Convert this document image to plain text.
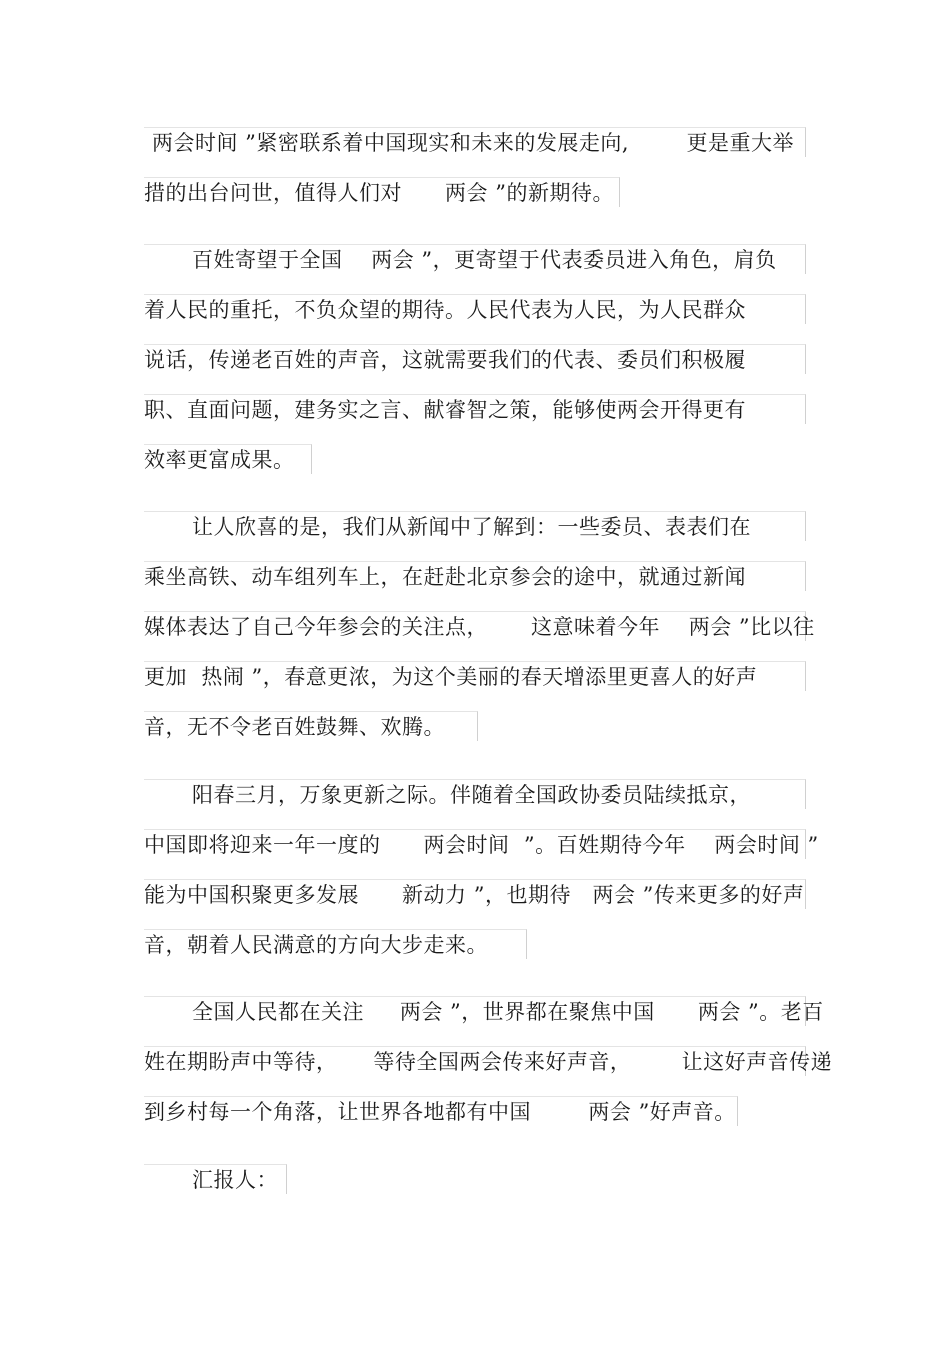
两会时间 ”紧密联系着中国现实和未来的发展走向,        更是重大举
措的出台问世，值得人们对      两会 ”的新期待。
百姓寄望于全国    两会 ”，更寄望于代表委员进入角色，肩负
着人民的重托，不负众望的期待。人民代表为人民，为人民群众
说话，传递老百姓的声音，这就需要我们的代表、委员们积极履
职、直面问题，建务实之言、献睿智之策，能够使两会开得更有
效率更富成果。
让人欣喜的是，我们从新闻中了解到：一些委员、表表们在
乘坐高铁、动车组列车上，在赶赴北京参会的途中，就通过新闻
媒体表达了自己今年参会的关注点，      这意味着今年    两会 ”比以往
更加  热闹 ”，春意更浓，为这个美丽的春天增添里更喜人的好声
音，无不令老百姓鼓舞、欢腾。
阳春三月，万象更新之际。伴随着全国政协委员陆续抵京，
中国即将迎来一年一度的      两会时间  ”。百姓期待今年    两会时间 ”
能为中国积聚更多发展      新动力 ”，也期待   两会 ”传来更多的好声
音，朝着人民满意的方向大步走来。
全国人民都在关注     两会 ”，世界都在聚焦中国      两会 ”。老百
姓在期盼声中等待，     等待全国两会传来好声音，       让这好声音传递
到乡村每一个角落，让世界各地都有中国        两会 ”好声音。
汇报人：
